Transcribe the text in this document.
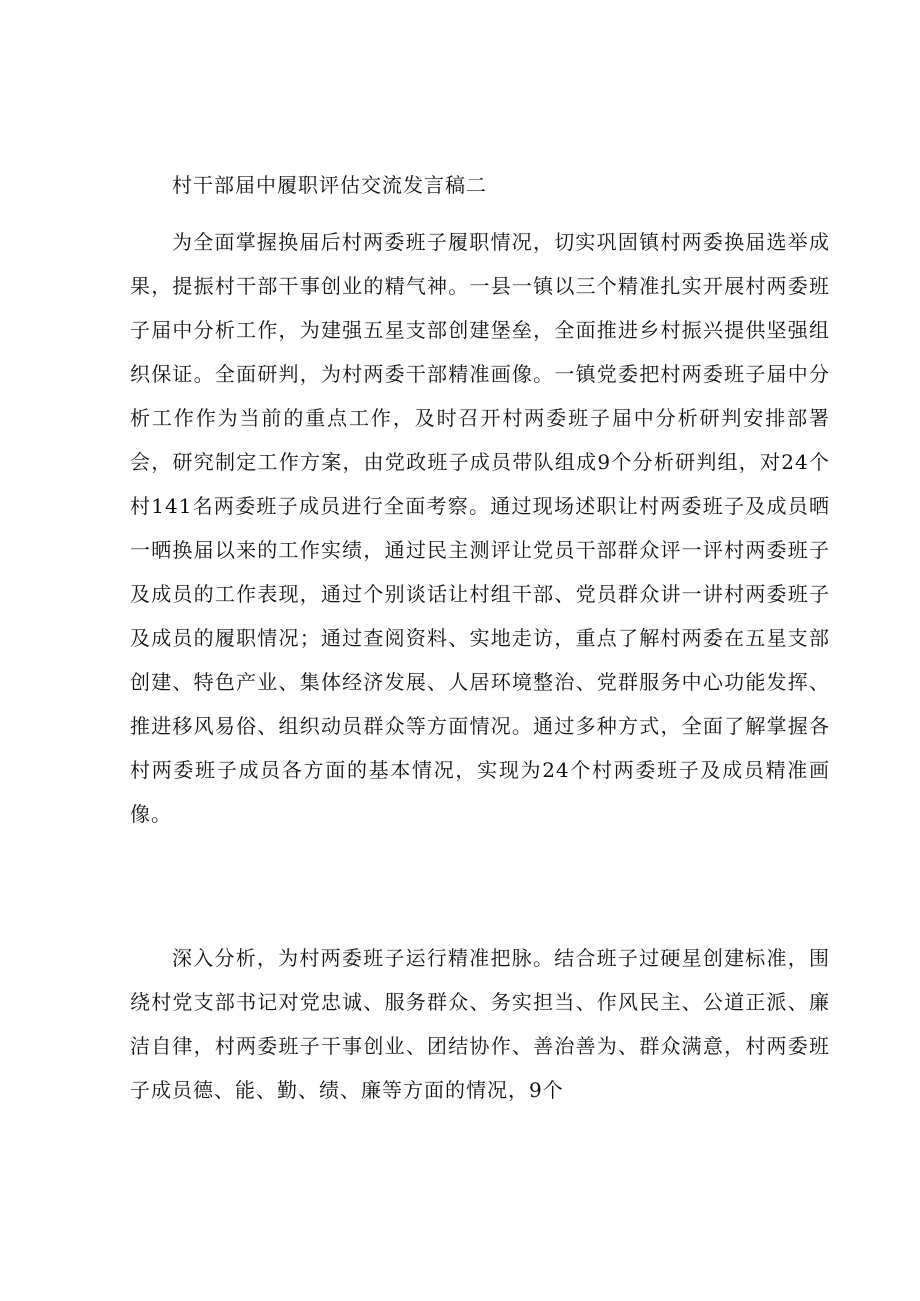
村干部届中履职评估交流发言稿二

为全面掌握换届后村两委班子履职情况，切实巩固镇村两委换届选举成果，提振村干部干事创业的精气神。一县一镇以三个精准扎实开展村两委班子届中分析工作，为建强五星支部创建堡垒，全面推进乡村振兴提供坚强组织保证。全面研判，为村两委干部精准画像。一镇党委把村两委班子届中分析工作作为当前的重点工作，及时召开村两委班子届中分析研判安排部署会，研究制定工作方案，由党政班子成员带队组成9个分析研判组，对24个村141名两委班子成员进行全面考察。通过现场述职让村两委班子及成员晒一晒换届以来的工作实绩，通过民主测评让党员干部群众评一评村两委班子及成员的工作表现，通过个别谈话让村组干部、党员群众讲一讲村两委班子及成员的履职情况；通过查阅资料、实地走访，重点了解村两委在五星支部创建、特色产业、集体经济发展、人居环境整治、党群服务中心功能发挥、推进移风易俗、组织动员群众等方面情况。通过多种方式，全面了解掌握各村两委班子成员各方面的基本情况，实现为24个村两委班子及成员精准画像。

深入分析，为村两委班子运行精准把脉。结合班子过硬星创建标准，围绕村党支部书记对党忠诚、服务群众、务实担当、作风民主、公道正派、廉洁自律，村两委班子干事创业、团结协作、善治善为、群众满意，村两委班子成员德、能、勤、绩、廉等方面的情况，9个
